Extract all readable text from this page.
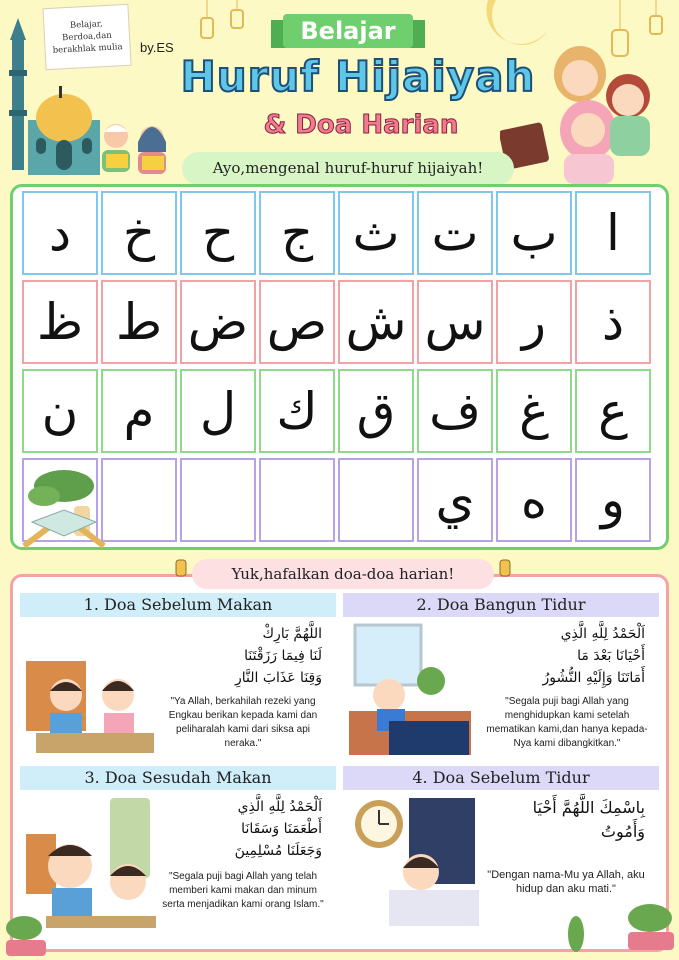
Belajar,
Berdoa,dan
berakhlak mulia	by.ES
Belajar
Huruf Hijaiyah
& Doa Harian
Ayo,mengenal huruf-huruf hijaiyah!
د خ ح ج ث ت ب ا
ظ ط ض ص ش س ر ذ
ن م ل ك ق ف غ ع
ي ه و
Yuk,hafalkan doa-doa harian!
1. Doa Sebelum Makan
اللَّهُمَّ بَارِكْ
لَنَا فِيمَا رَزَقْتَنَا
وَقِنَا عَذَابَ النَّارِ
"Ya Allah, berkahilah rezeki yang Engkau berikan kepada kami dan peliharalah kami dari siksa api neraka."
2. Doa Bangun Tidur
اَلْحَمْدُ لِلَّهِ الَّذِي
أَحْيَانَا بَعْدَ مَا
أَمَاتَنَا وَإِلَيْهِ النُّشُورُ
"Segala puji bagi Allah yang menghidupkan kami setelah mematikan kami,dan hanya kepada-Nya kami dibangkitkan."
3. Doa Sesudah Makan
اَلْحَمْدُ لِلَّهِ الَّذِي
أَطْعَمَنَا وَسَقَانَا
وَجَعَلَنَا مُسْلِمِينَ
"Segala puji bagi Allah yang telah memberi kami makan dan minum serta menjadikan kami orang Islam."
4. Doa Sebelum Tidur
بِاسْمِكَ اللَّهُمَّ أَحْيَا
وَأَمُوتُ
"Dengan nama-Mu ya Allah, aku hidup dan aku mati."
